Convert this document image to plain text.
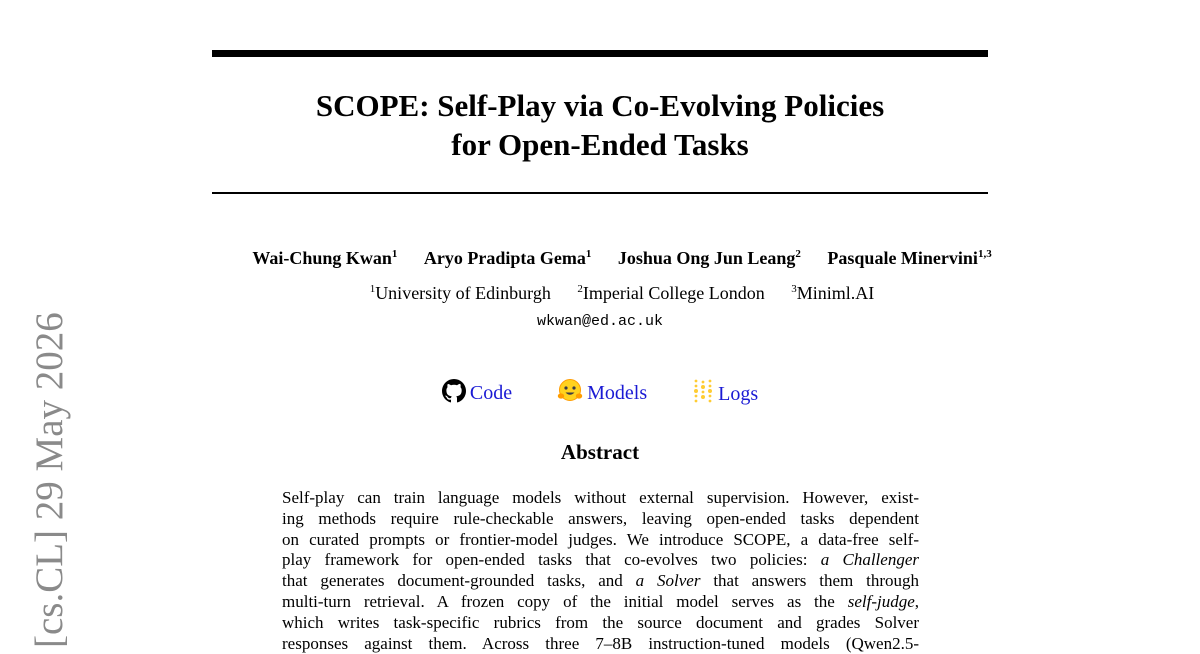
SCOPE: Self-Play via Co-Evolving Policies
for Open-Ended Tasks
Wai-Chung Kwan$^1$ Aryo Pradipta Gema$^1$ Joshua Ong Jun Leang$^2$ Pasquale Minervini$^{1,3}$
$^1$University of Edinburgh $^2$Imperial College London $^3$Miniml.AI
wkwan@ed.ac.uk
Code	Models	Logs
Abstract
Self-play can train language models without external supervision. However, exist-
ing methods require rule-checkable answers, leaving open-ended tasks dependent
on curated prompts or frontier-model judges. We introduce SCOPE, a data-free self-
play framework for open-ended tasks that co-evolves two policies: a Challenger
that generates document-grounded tasks, and a Solver that answers them through
multi-turn retrieval. A frozen copy of the initial model serves as the self-judge,
which writes task-specific rubrics from the source document and grades Solver
responses against them. Across three 7–8B instruction-tuned models (Qwen2.5-
[cs.CL] 29 May 2026
